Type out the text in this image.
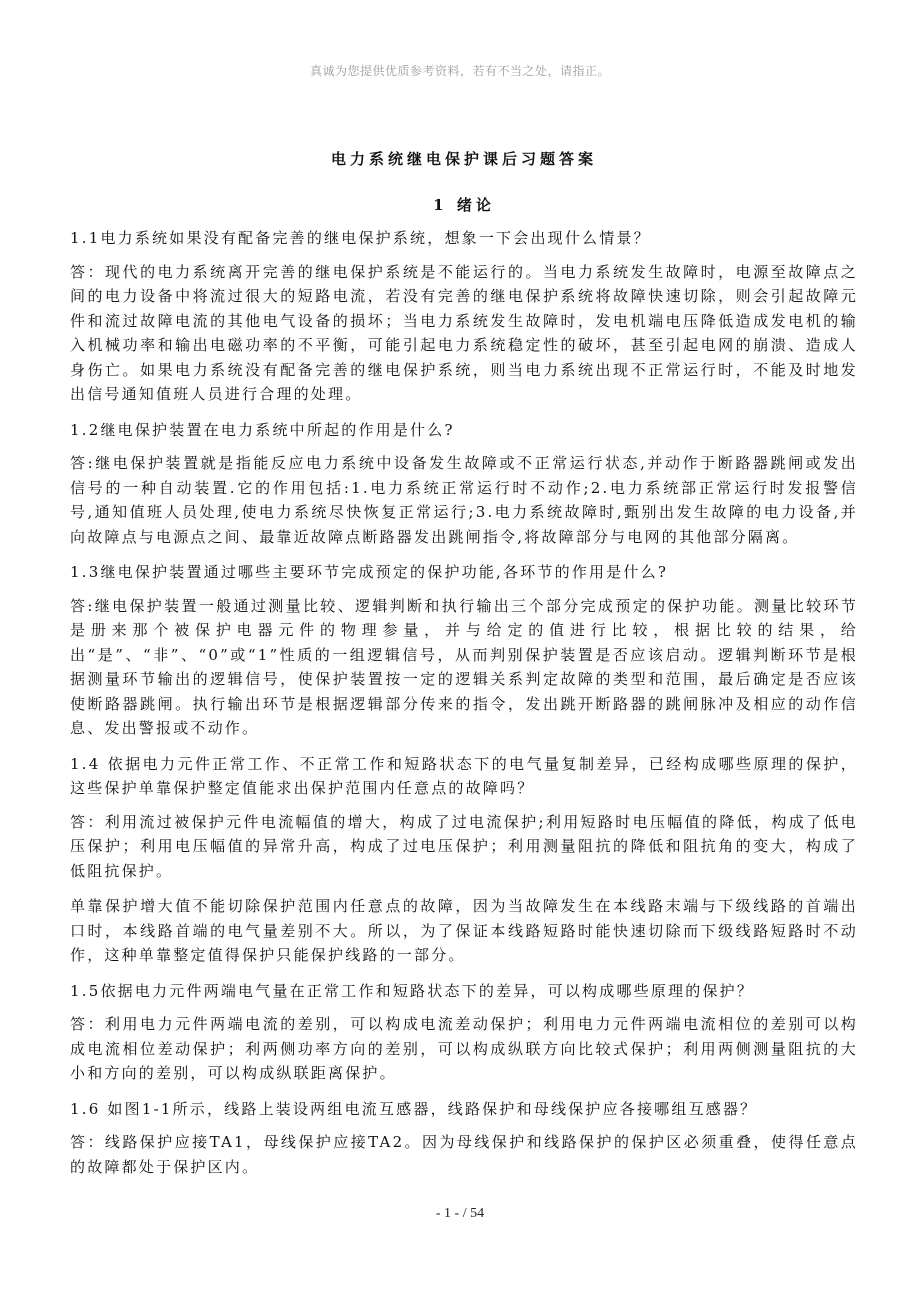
真诚为您提供优质参考资料，若有不当之处，请指正。
电力系统继电保护课后习题答案
1 绪论

1.1电力系统如果没有配备完善的继电保护系统，想象一下会出现什么情景？

答：现代的电力系统离开完善的继电保护系统是不能运行的。当电力系统发生故障时，电源至故障点之间的电力设备中将流过很大的短路电流，若没有完善的继电保护系统将故障快速切除，则会引起故障元件和流过故障电流的其他电气设备的损坏；当电力系统发生故障时，发电机端电压降低造成发电机的输入机械功率和输出电磁功率的不平衡，可能引起电力系统稳定性的破坏，甚至引起电网的崩溃、造成人身伤亡。如果电力系统没有配备完善的继电保护系统，则当电力系统出现不正常运行时，不能及时地发出信号通知值班人员进行合理的处理。

1.2继电保护装置在电力系统中所起的作用是什么?

答:继电保护装置就是指能反应电力系统中设备发生故障或不正常运行状态,并动作于断路器跳闸或发出信号的一种自动装置.它的作用包括:1.电力系统正常运行时不动作;2.电力系统部正常运行时发报警信号,通知值班人员处理,使电力系统尽快恢复正常运行;3.电力系统故障时,甄别出发生故障的电力设备,并向故障点与电源点之间、最靠近故障点断路器发出跳闸指令,将故障部分与电网的其他部分隔离。

1.3继电保护装置通过哪些主要环节完成预定的保护功能,各环节的作用是什么?

答:继电保护装置一般通过测量比较、逻辑判断和执行输出三个部分完成预定的保护功能。测量比较环节是册来那个被保护电器元件的物理参量，并与给定的值进行比较，根据比较的结果，给出“是”、“非”、“0”或“1”性质的一组逻辑信号，从而判别保护装置是否应该启动。逻辑判断环节是根据测量环节输出的逻辑信号，使保护装置按一定的逻辑关系判定故障的类型和范围，最后确定是否应该使断路器跳闸。执行输出环节是根据逻辑部分传来的指令，发出跳开断路器的跳闸脉冲及相应的动作信息、发出警报或不动作。

1.4 依据电力元件正常工作、不正常工作和短路状态下的电气量复制差异，已经构成哪些原理的保护，这些保护单靠保护整定值能求出保护范围内任意点的故障吗？

答：利用流过被保护元件电流幅值的增大，构成了过电流保护;利用短路时电压幅值的降低，构成了低电压保护；利用电压幅值的异常升高，构成了过电压保护；利用测量阻抗的降低和阻抗角的变大，构成了低阻抗保护。

单靠保护增大值不能切除保护范围内任意点的故障，因为当故障发生在本线路末端与下级线路的首端出口时，本线路首端的电气量差别不大。所以，为了保证本线路短路时能快速切除而下级线路短路时不动作，这种单靠整定值得保护只能保护线路的一部分。

1.5依据电力元件两端电气量在正常工作和短路状态下的差异，可以构成哪些原理的保护？

答：利用电力元件两端电流的差别，可以构成电流差动保护；利用电力元件两端电流相位的差别可以构成电流相位差动保护；利两侧功率方向的差别，可以构成纵联方向比较式保护；利用两侧测量阻抗的大小和方向的差别，可以构成纵联距离保护。

1.6 如图1-1所示，线路上装设两组电流互感器，线路保护和母线保护应各接哪组互感器？

答：线路保护应接TA1，母线保护应接TA2。因为母线保护和线路保护的保护区必须重叠，使得任意点的故障都处于保护区内。

- 1 - / 54
